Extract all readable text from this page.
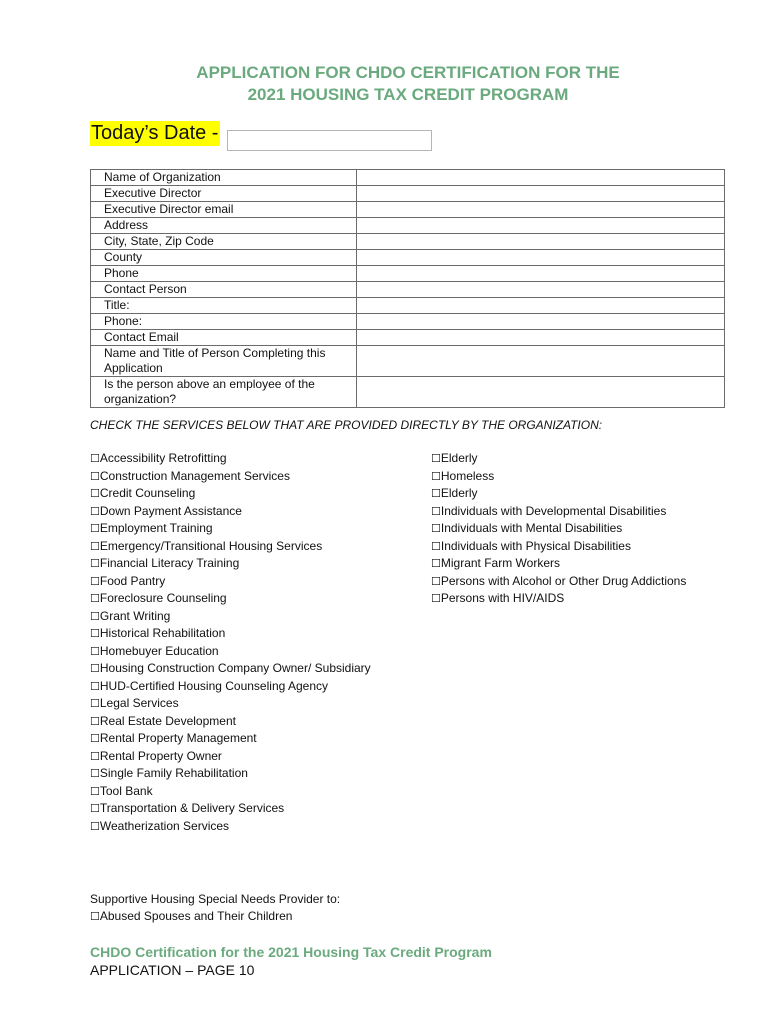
APPLICATION FOR CHDO CERTIFICATION FOR THE
2021 HOUSING TAX CREDIT PROGRAM
Today’s Date -
Name of Organization	
Executive Director	
Executive Director email	
Address	
City, State, Zip Code	
County	
Phone	
Contact Person	
Title:	
Phone:	
Contact Email	
Name and Title of Person Completing this Application	
Is the person above an employee of the organization?	
CHECK THE SERVICES BELOW THAT ARE PROVIDED DIRECTLY BY THE ORGANIZATION:
☐Accessibility Retrofitting
☐Construction Management Services
☐Credit Counseling
☐Down Payment Assistance
☐Employment Training
☐Emergency/Transitional Housing Services
☐Financial Literacy Training
☐Food Pantry
☐Foreclosure Counseling
☐Grant Writing
☐Historical Rehabilitation
☐Homebuyer Education
☐Housing Construction Company Owner/ Subsidiary
☐HUD-Certified Housing Counseling Agency
☐Legal Services
☐Real Estate Development
☐Rental Property Management
☐Rental Property Owner
☐Single Family Rehabilitation
☐Tool Bank
☐Transportation & Delivery Services
☐Weatherization Services
☐Elderly
☐Homeless
☐Elderly
☐Individuals with Developmental Disabilities
☐Individuals with Mental Disabilities
☐Individuals with Physical Disabilities
☐Migrant Farm Workers
☐Persons with Alcohol or Other Drug Addictions
☐Persons with HIV/AIDS
Supportive Housing Special Needs Provider to:
☐Abused Spouses and Their Children
CHDO Certification for the 2021 Housing Tax Credit Program
APPLICATION – PAGE 10
